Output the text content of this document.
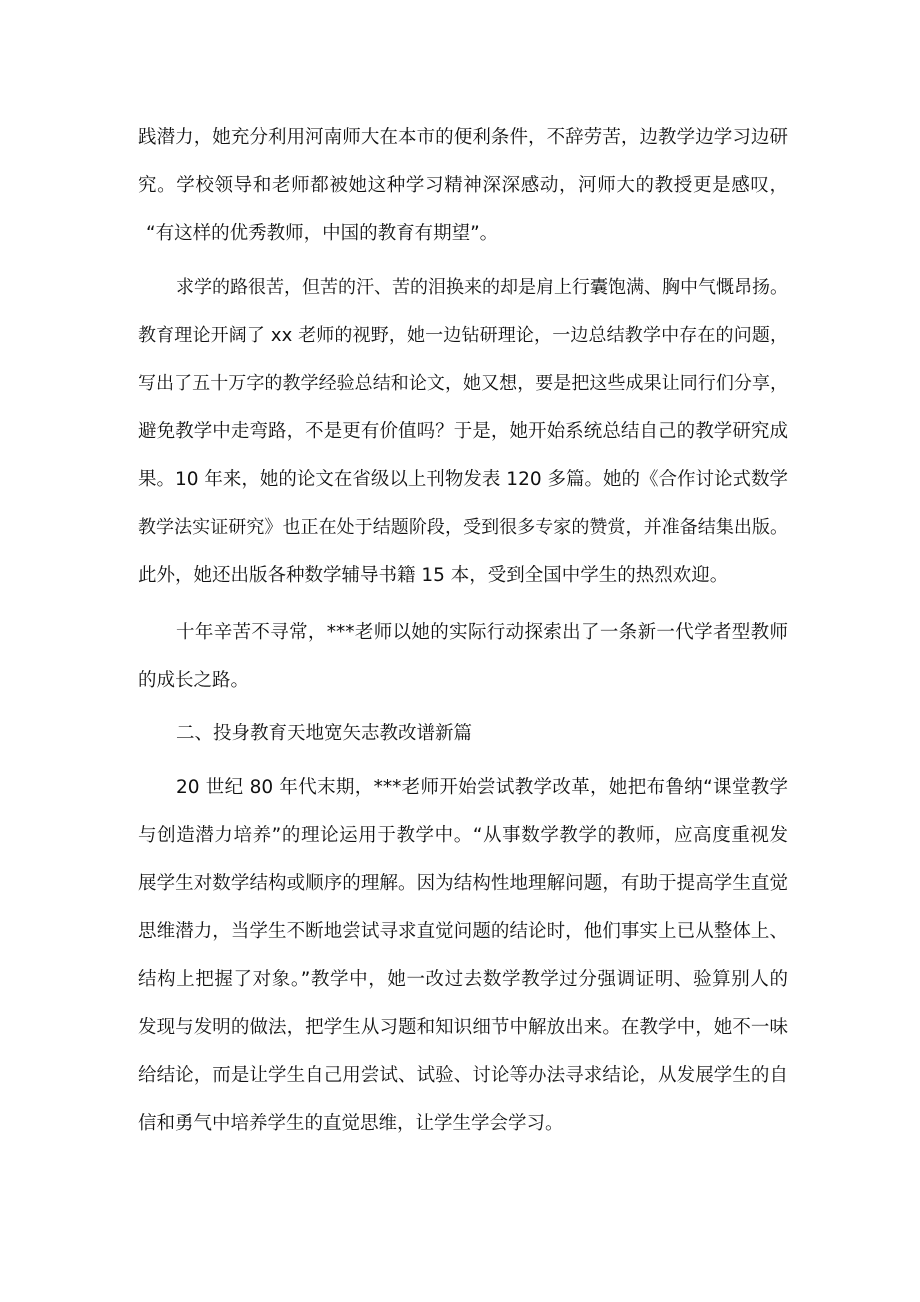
践潜力，她充分利用河南师大在本市的便利条件，不辞劳苦，边教学边学习边研
究。学校领导和老师都被她这种学习精神深深感动，河师大的教授更是感叹，
“有这样的优秀教师，中国的教育有期望”。
求学的路很苦，但苦的汗、苦的泪换来的却是肩上行囊饱满、胸中气慨昂扬。
教育理论开阔了 xx 老师的视野，她一边钻研理论，一边总结教学中存在的问题，
写出了五十万字的教学经验总结和论文，她又想，要是把这些成果让同行们分享，
避免教学中走弯路，不是更有价值吗？于是，她开始系统总结自己的教学研究成
果。10 年来，她的论文在省级以上刊物发表 120 多篇。她的《合作讨论式数学
教学法实证研究》也正在处于结题阶段，受到很多专家的赞赏，并准备结集出版。
此外，她还出版各种数学辅导书籍 15 本，受到全国中学生的热烈欢迎。
十年辛苦不寻常，***老师以她的实际行动探索出了一条新一代学者型教师
的成长之路。
二、投身教育天地宽矢志教改谱新篇
20 世纪 80 年代末期，***老师开始尝试教学改革，她把布鲁纳“课堂教学
与创造潜力培养”的理论运用于教学中。“从事数学教学的教师，应高度重视发
展学生对数学结构或顺序的理解。因为结构性地理解问题，有助于提高学生直觉
思维潜力，当学生不断地尝试寻求直觉问题的结论时，他们事实上已从整体上、
结构上把握了对象。”教学中，她一改过去数学教学过分强调证明、验算别人的
发现与发明的做法，把学生从习题和知识细节中解放出来。在教学中，她不一味
给结论，而是让学生自己用尝试、试验、讨论等办法寻求结论，从发展学生的自
信和勇气中培养学生的直觉思维，让学生学会学习。
